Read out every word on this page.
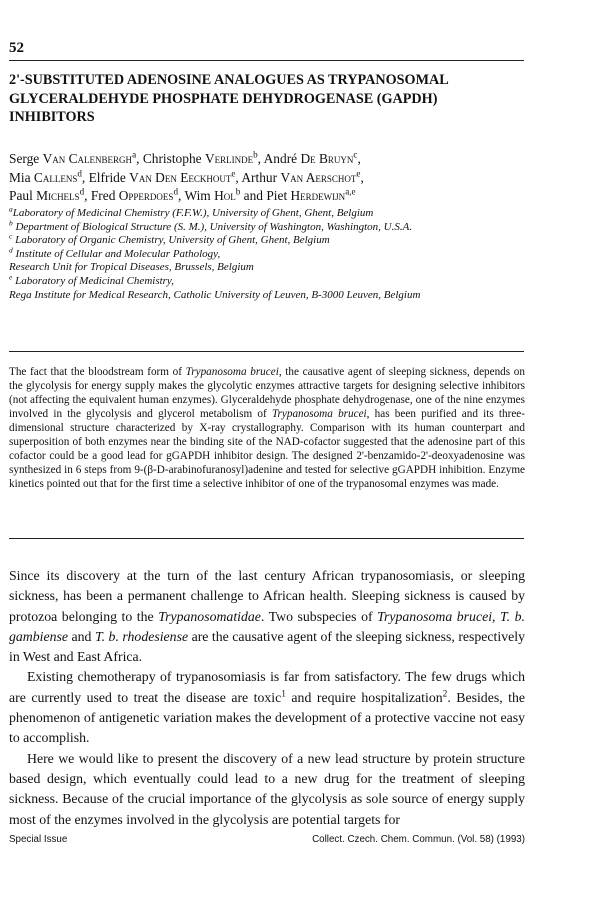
52
2'-SUBSTITUTED ADENOSINE ANALOGUES AS TRYPANOSOMAL GLYCERALDEHYDE PHOSPHATE DEHYDROGENASE (GAPDH) INHIBITORS
Serge Van Calenbergh$^a$, Christophe Verlinde$^b$, André De Bruyn$^c$,
Mia Callens$^d$, Elfride Van Den Eeckhout$^e$, Arthur Van Aerschot$^e$,
Paul Michels$^d$, Fred Opperdoes$^d$, Wim Hol$^b$ and Piet Herdewijn$^{a,e}$
$^a$Laboratory of Medicinal Chemistry (F.F.W.), University of Ghent, Ghent, Belgium
$^b$ Department of Biological Structure (S. M.), University of Washington, Washington, U.S.A.
$^c$ Laboratory of Organic Chemistry, University of Ghent, Ghent, Belgium
$^d$ Institute of Cellular and Molecular Pathology,
Research Unit for Tropical Diseases, Brussels, Belgium
$^e$ Laboratory of Medicinal Chemistry,
Rega Institute for Medical Research, Catholic University of Leuven, B-3000 Leuven, Belgium
The fact that the bloodstream form of Trypanosoma brucei, the causative agent of sleeping sickness, depends on the glycolysis for energy supply makes the glycolytic enzymes attractive targets for designing selective inhibitors (not affecting the equivalent human enzymes). Glyceraldehyde phosphate dehydrogenase, one of the nine enzymes involved in the glycolysis and glycerol metabolism of Trypanosoma brucei, has been purified and its three-dimensional structure characterized by X-ray crystallography. Comparison with its human counterpart and superposition of both enzymes near the binding site of the NAD-cofactor suggested that the adenosine part of this cofactor could be a good lead for gGAPDH inhibitor design. The designed 2'-benzamido-2'-deoxyadenosine was synthesized in 6 steps from 9-(β-D-arabinofuranosyl)adenine and tested for selective gGAPDH inhibition. Enzyme kinetics pointed out that for the first time a selective inhibitor of one of the trypanosomal enzymes was made.

Since its discovery at the turn of the last century African trypanosomiasis, or sleeping sickness, has been a permanent challenge to African health. Sleeping sickness is caused by protozoa belonging to the Trypanosomatidae. Two subspecies of Trypanosoma brucei, T. b. gambiense and T. b. rhodesiense are the causative agent of the sleeping sickness, respectively in West and East Africa.

Existing chemotherapy of trypanosomiasis is far from satisfactory. The few drugs which are currently used to treat the disease are toxic$^1$ and require hospitalization$^2$. Besides, the phenomenon of antigenetic variation makes the development of a protective vaccine not easy to accomplish.

Here we would like to present the discovery of a new lead structure by protein structure based design, which eventually could lead to a new drug for the treatment of sleeping sickness. Because of the crucial importance of the glycolysis as sole source of energy supply most of the enzymes involved in the glycolysis are potential targets for

Special Issue	Collect. Czech. Chem. Commun. (Vol. 58) (1993)
